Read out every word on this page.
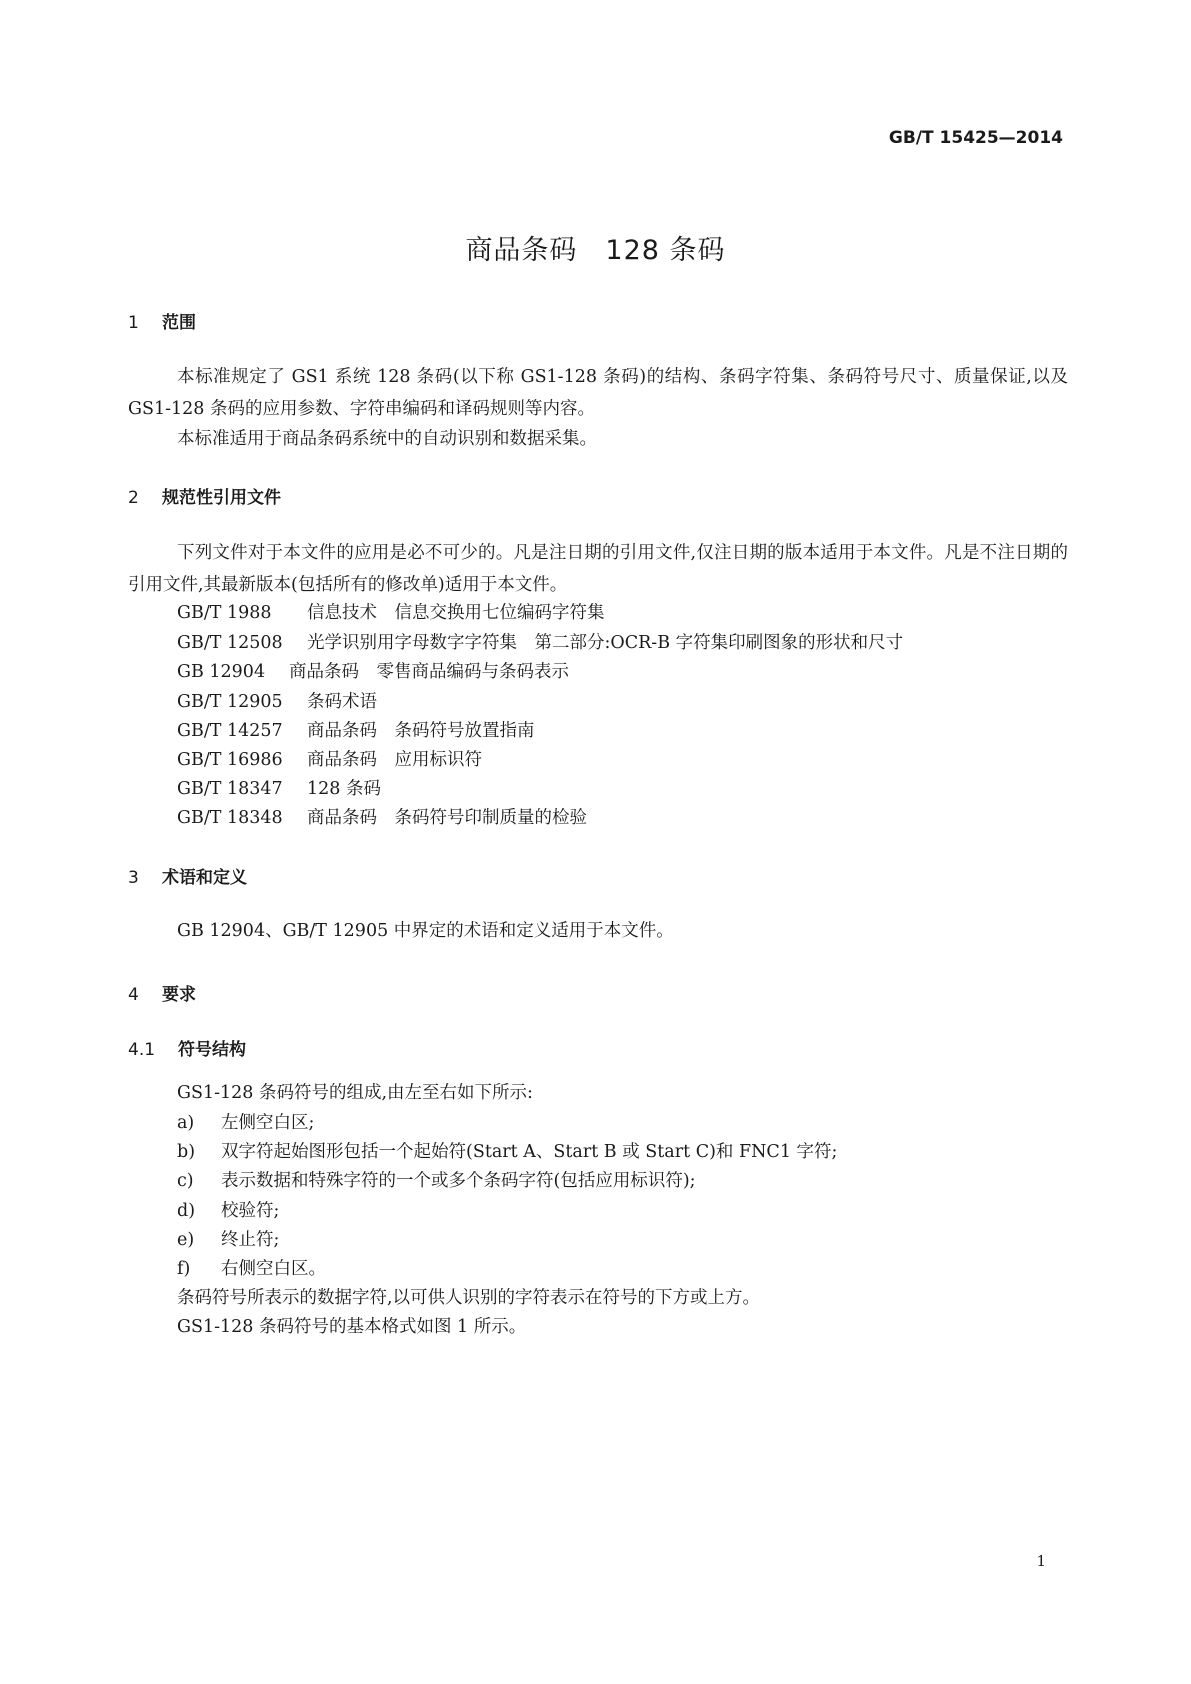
GB/T 15425—2014
商品条码　128 条码
1 范围
本标准规定了 GS1 系统 128 条码(以下称 GS1-128 条码)的结构、条码字符集、条码符号尺寸、质量保证,以及 GS1-128 条码的应用参数、字符串编码和译码规则等内容。
本标准适用于商品条码系统中的自动识别和数据采集。
2 规范性引用文件
下列文件对于本文件的应用是必不可少的。凡是注日期的引用文件,仅注日期的版本适用于本文件。凡是不注日期的引用文件,其最新版本(包括所有的修改单)适用于本文件。
GB/T 1988 信息技术　信息交换用七位编码字符集
GB/T 12508 光学识别用字母数字字符集　第二部分:OCR-B 字符集印刷图象的形状和尺寸
GB 12904 商品条码　零售商品编码与条码表示
GB/T 12905 条码术语
GB/T 14257 商品条码　条码符号放置指南
GB/T 16986 商品条码　应用标识符
GB/T 18347 128 条码
GB/T 18348 商品条码　条码符号印制质量的检验
3 术语和定义
GB 12904、GB/T 12905 中界定的术语和定义适用于本文件。
4 要求
4.1 符号结构
GS1-128 条码符号的组成,由左至右如下所示:
a) 左侧空白区;
b) 双字符起始图形包括一个起始符(Start A、Start B 或 Start C)和 FNC1 字符;
c) 表示数据和特殊字符的一个或多个条码字符(包括应用标识符);
d) 校验符;
e) 终止符;
f) 右侧空白区。
条码符号所表示的数据字符,以可供人识别的字符表示在符号的下方或上方。
GS1-128 条码符号的基本格式如图 1 所示。
1
